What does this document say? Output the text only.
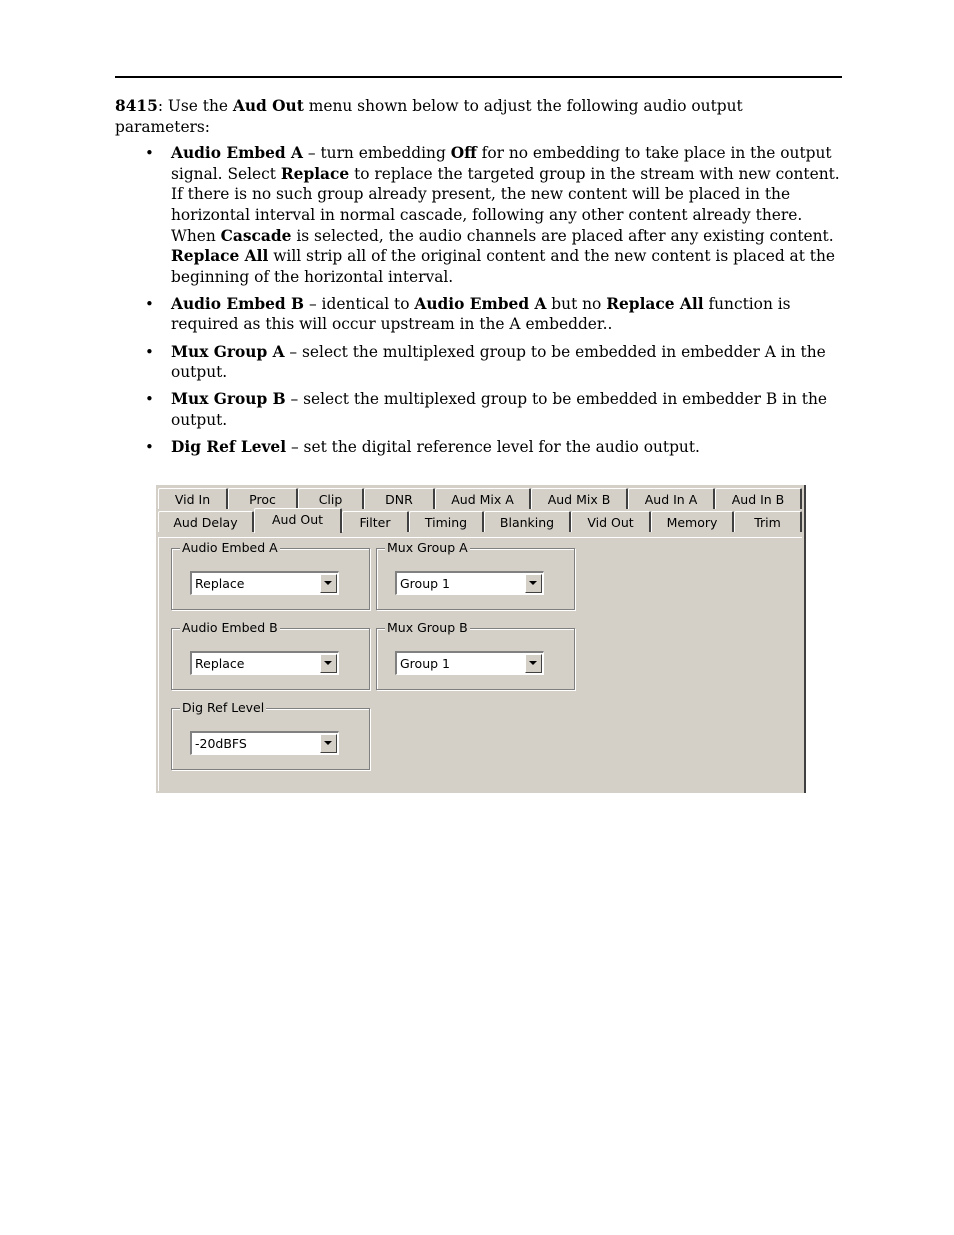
8415: Use the Aud Out menu shown below to adjust the following audio output parameters:

• Audio Embed A – turn embedding Off for no embedding to take place in the output signal. Select Replace to replace the targeted group in the stream with new content. If there is no such group already present, the new content will be placed in the horizontal interval in normal cascade, following any other content already there. When Cascade is selected, the audio channels are placed after any existing content. Replace All will strip all of the original content and the new content is placed at the beginning of the horizontal interval.
• Audio Embed B – identical to Audio Embed A but no Replace All function is required as this will occur upstream in the A embedder..
• Mux Group A – select the multiplexed group to be embedded in embedder A in the output.
• Mux Group B – select the multiplexed group to be embedded in embedder B in the output.
• Dig Ref Level – set the digital reference level for the audio output.
Vid In	Proc	Clip	DNR	Aud Mix A	Aud Mix B	Aud In A	Aud In B
Aud Delay	Aud Out	Filter	Timing	Blanking	Vid Out	Memory	Trim
Audio Embed A
Replace
Mux Group A
Group 1
Audio Embed B
Replace
Mux Group B
Group 1
Dig Ref Level
-20dBFS
